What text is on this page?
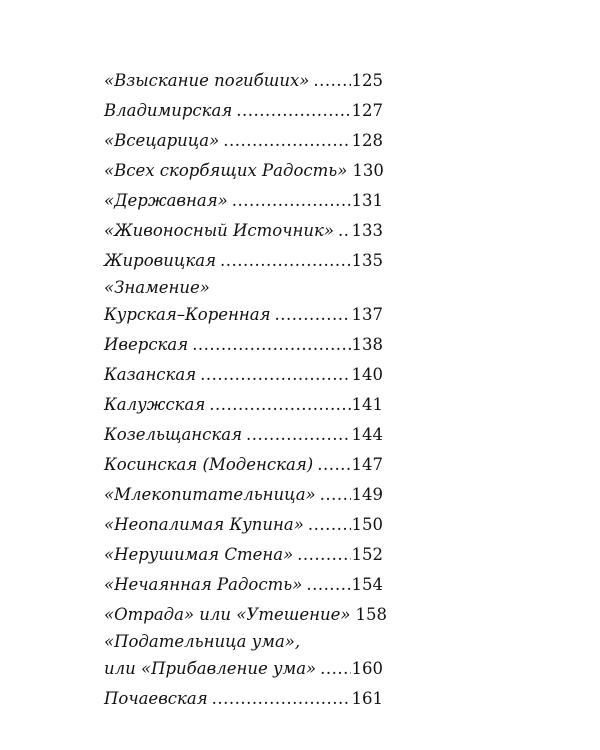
«Взыскание погибших» .....	125
Владимирская .....	127
«Всецарица» .....	128
«Всех скорбящих Радость» 130
«Державная» .....	131
«Живоносный Источник» ..... 133
Жировицкая .....	135
«Знамение»
Курская–Коренная .....	137
Иверская .....	138
Казанская .....	140
Калужская .....	141
Козельщанская .....	144
Косинская (Моденская) ..... 147
«Млекопитательница» ..... 149
«Неопалимая Купина» .....	150
«Нерушимая Стена» .....	152
«Нечаянная Радость» .....	154
«Отрада» или «Утешение» 158
«Подательница ума»,
или «Прибавление ума» ..... 160
Почаевская .....	161
